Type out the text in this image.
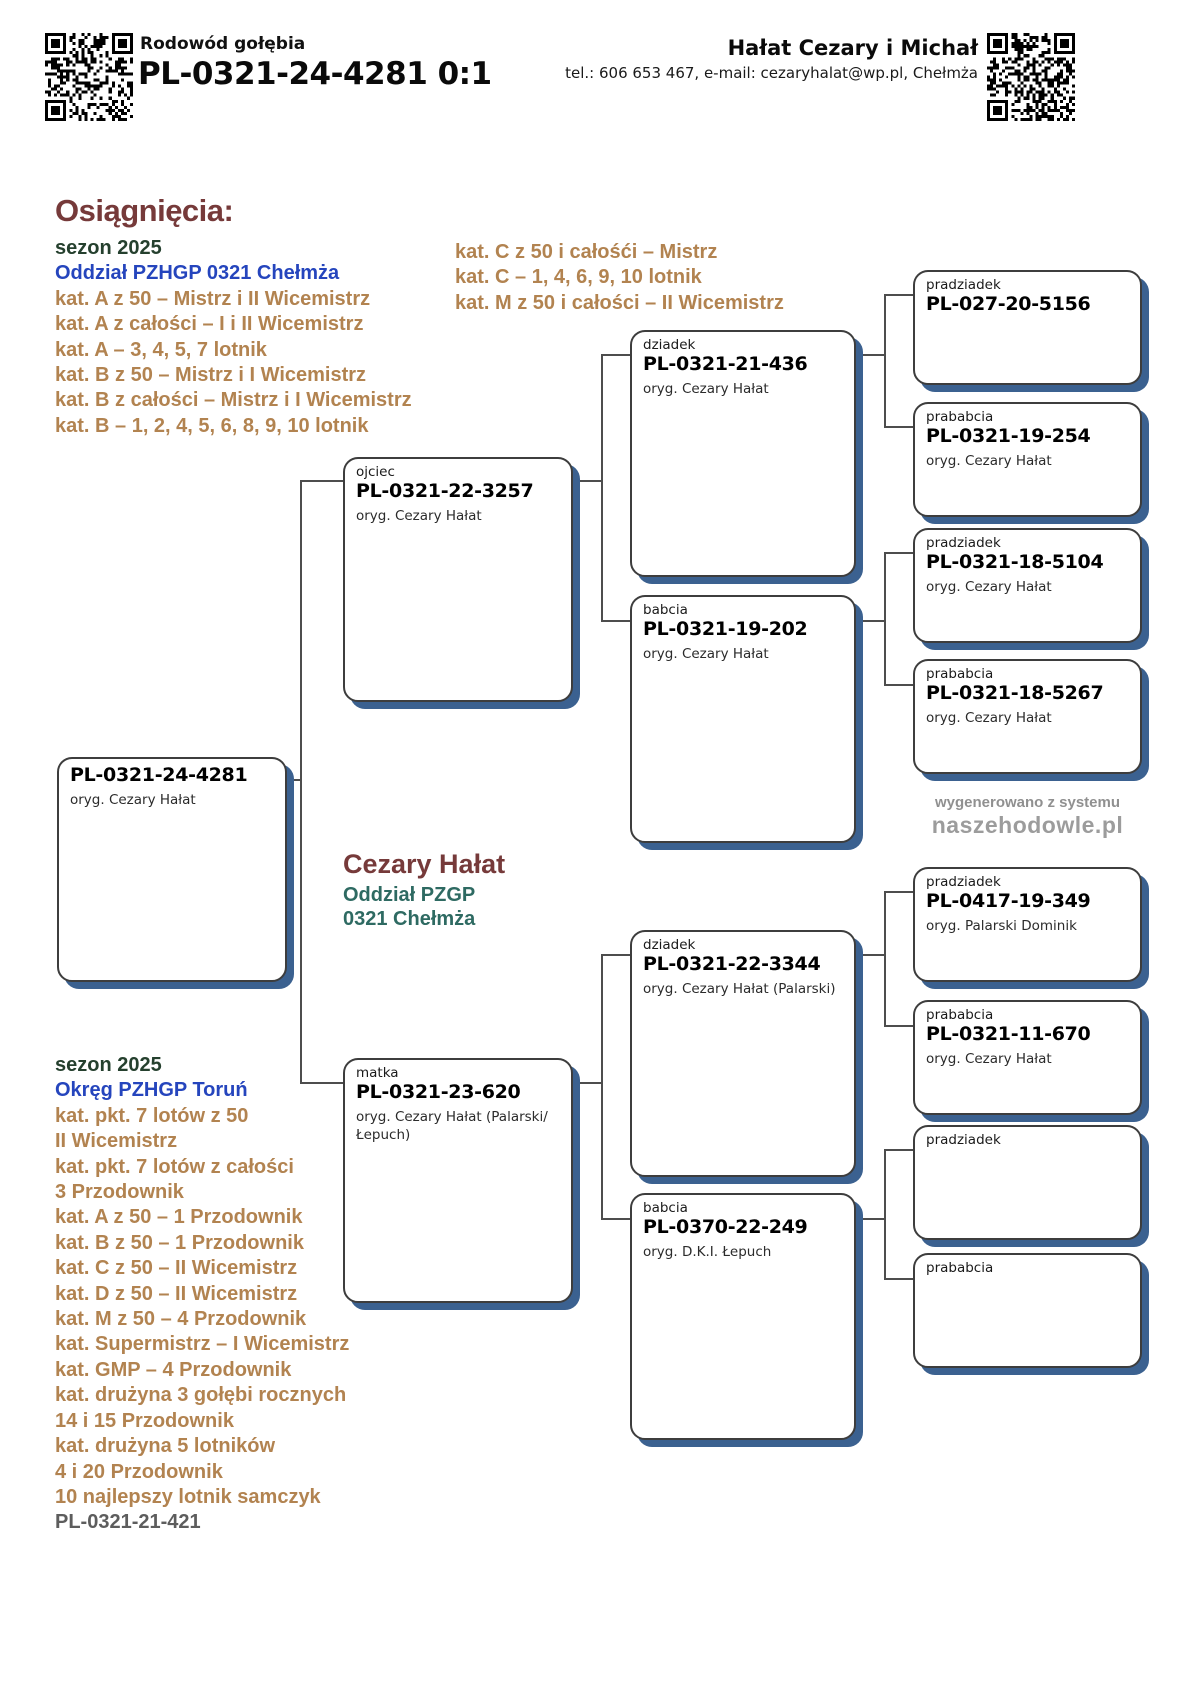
Rodowód gołębia
PL-0321-24-4281 0:1
Hałat Cezary i Michał
tel.: 606 653 467, e-mail: cezaryhalat@wp.pl, Chełmża
Osiągnięcia:
sezon 2025
Oddział PZHGP 0321 Chełmża
kat. A z 50 – Mistrz i II Wicemistrz
kat. A z całości – I i II Wicemistrz
kat. A – 3, 4, 5, 7 lotnik
kat. B z 50 – Mistrz i I Wicemistrz
kat. B z całości – Mistrz i I Wicemistrz
kat. B – 1, 2, 4, 5, 6, 8, 9, 10 lotnik
kat. C z 50 i całośći – Mistrz
kat. C – 1, 4, 6, 9, 10 lotnik
kat. M z 50 i całości – II Wicemistrz
sezon 2025
Okręg PZHGP Toruń
kat. pkt. 7 lotów z 50
II Wicemistrz
kat. pkt. 7 lotów z całości
3 Przodownik
kat. A z 50 – 1 Przodownik
kat. B z 50 – 1 Przodownik
kat. C z 50 – II Wicemistrz
kat. D z 50 – II Wicemistrz
kat. M z 50 – 4 Przodownik
kat. Supermistrz – I Wicemistrz
kat. GMP – 4 Przodownik
kat. drużyna 3 gołębi rocznych
14 i 15 Przodownik
kat. drużyna 5 lotników
4 i 20 Przodownik
10 najlepszy lotnik samczyk
PL-0321-21-421
Cezary Hałat
Oddział PZGP
0321 Chełmża
wygenerowano z systemu
naszehodowle.pl
PL-0321-24-4281
oryg. Cezary Hałat
ojciec
PL-0321-22-3257
oryg. Cezary Hałat
matka
PL-0321-23-620
oryg. Cezary Hałat (Palarski/Łepuch)
dziadek
PL-0321-21-436
oryg. Cezary Hałat
babcia
PL-0321-19-202
oryg. Cezary Hałat
dziadek
PL-0321-22-3344
oryg. Cezary Hałat (Palarski)
babcia
PL-0370-22-249
oryg. D.K.I. Łepuch
pradziadek
PL-027-20-5156
prababcia
PL-0321-19-254
oryg. Cezary Hałat
pradziadek
PL-0321-18-5104
oryg. Cezary Hałat
prababcia
PL-0321-18-5267
oryg. Cezary Hałat
pradziadek
PL-0417-19-349
oryg. Palarski Dominik
prababcia
PL-0321-11-670
oryg. Cezary Hałat
pradziadek
prababcia
